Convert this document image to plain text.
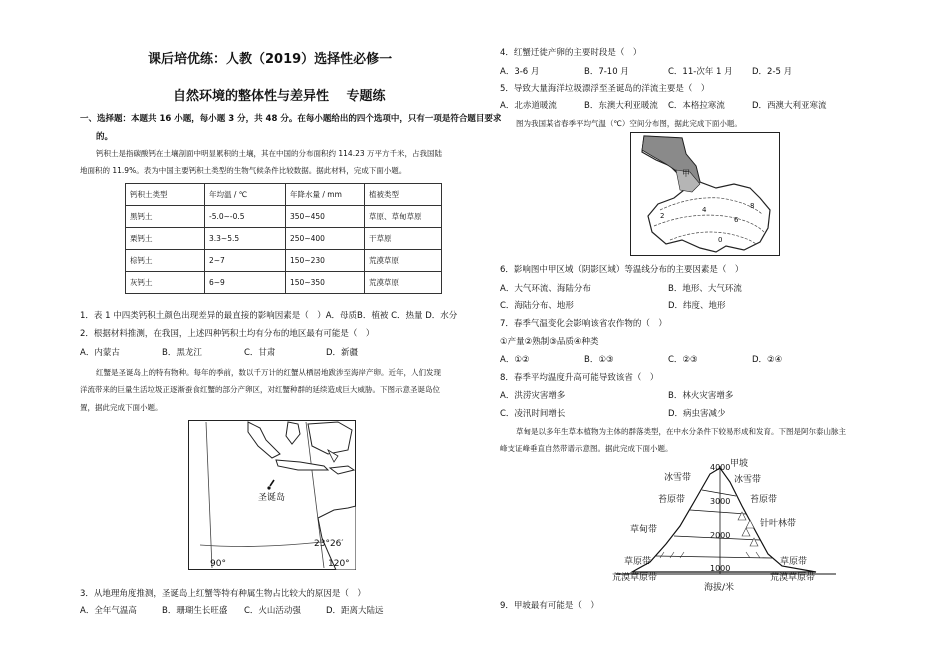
课后培优练：人教（2019）选择性必修一
自然环境的整体性与差异性　 专题练
一、选择题：本题共 16 小题，每小题 3 分，共 48 分。在每小题给出的四个选项中，只有一项是符合题目要求
的。
钙积土是指碳酸钙在土壤剖面中明显累积的土壤，其在中国的分布面积约 114.23 万平方千米，占我国陆
地面积的 11.9%。表为中国主要钙积土类型的生物气候条件比较数据。据此材料，完成下面小题。
钙积土类型	年均温 / ℃	年降水量 / mm	植被类型
黑钙土	-5.0~-0.5	350~450	草原、草甸草原
栗钙土	3.3~5.5	250~400	干草原
棕钙土	2~7	150~230	荒漠草原
灰钙土	6~9	150~350	荒漠草原
1．表 1 中四类钙积土颜色出现差异的最直接的影响因素是（　）A．母质B．植被 C．热量 D．水分
2．根据材料推测，在我国，上述四种钙积土均有分布的地区最有可能是（　）
A．内蒙古	B．黑龙江	C．甘肃	D．新疆
红蟹是圣诞岛上的特有物种。每年的季前，数以千万计的红蟹从栖居地跋涉至海岸产卵。近年，人们发现
洋流带来的巨量生活垃圾正逐渐蚕食红蟹的部分产卵区，对红蟹种群的延续造成巨大威胁。下图示意圣诞岛位
置，据此完成下面小题。
圣诞岛
90°	120°
23°26′
3．从地理角度推测，圣诞岛上红蟹等特有种属生物占比较大的原因是（　）
A．全年气温高	B．珊瑚生长旺盛 C．火山活动强	D．距离大陆远
4．红蟹迁徙产卵的主要时段是（　）
A．3-6 月	B．7-10 月	C．11-次年 1 月 D．2-5 月
5．导致大量海洋垃圾漂浮至圣诞岛的洋流主要是（　）
A．北赤道暖流	B．东澳大利亚暖流 C．本格拉寒流	D．西澳大利亚寒流
图为我国某省春季平均气温（℃）空间分布图，据此完成下面小题。
甲
8
6
4
2
0
6．影响图中甲区域（阴影区域）等温线分布的主要因素是（　）
A．大气环流、海陆分布	B．地形、大气环流
C．海陆分布、地形	D．纬度、地形
7．春季气温变化会影响该省农作物的（　）
①产量②熟制③品质④种类
A．①②	B．①③	C．②③	D．②④
8．春季平均温度升高可能导致该省（　）
A．洪涝灾害增多	B．林火灾害增多
C．凌汛时间增长	D．病虫害减少
草甸是以多年生草本植物为主体的群落类型，在中水分条件下较易形成和发育。下图是阿尔泰山脉主
峰支证峰垂直自然带谱示意图。据此完成下面小题。
4000
3000
2000
1000
甲坡
海拔/米
冰雪带
苔原带
草甸带
草原带
荒漠草原带
冰雪带
苔原带
针叶林带
草原带
荒漠草原带
9．甲坡最有可能是（　）
